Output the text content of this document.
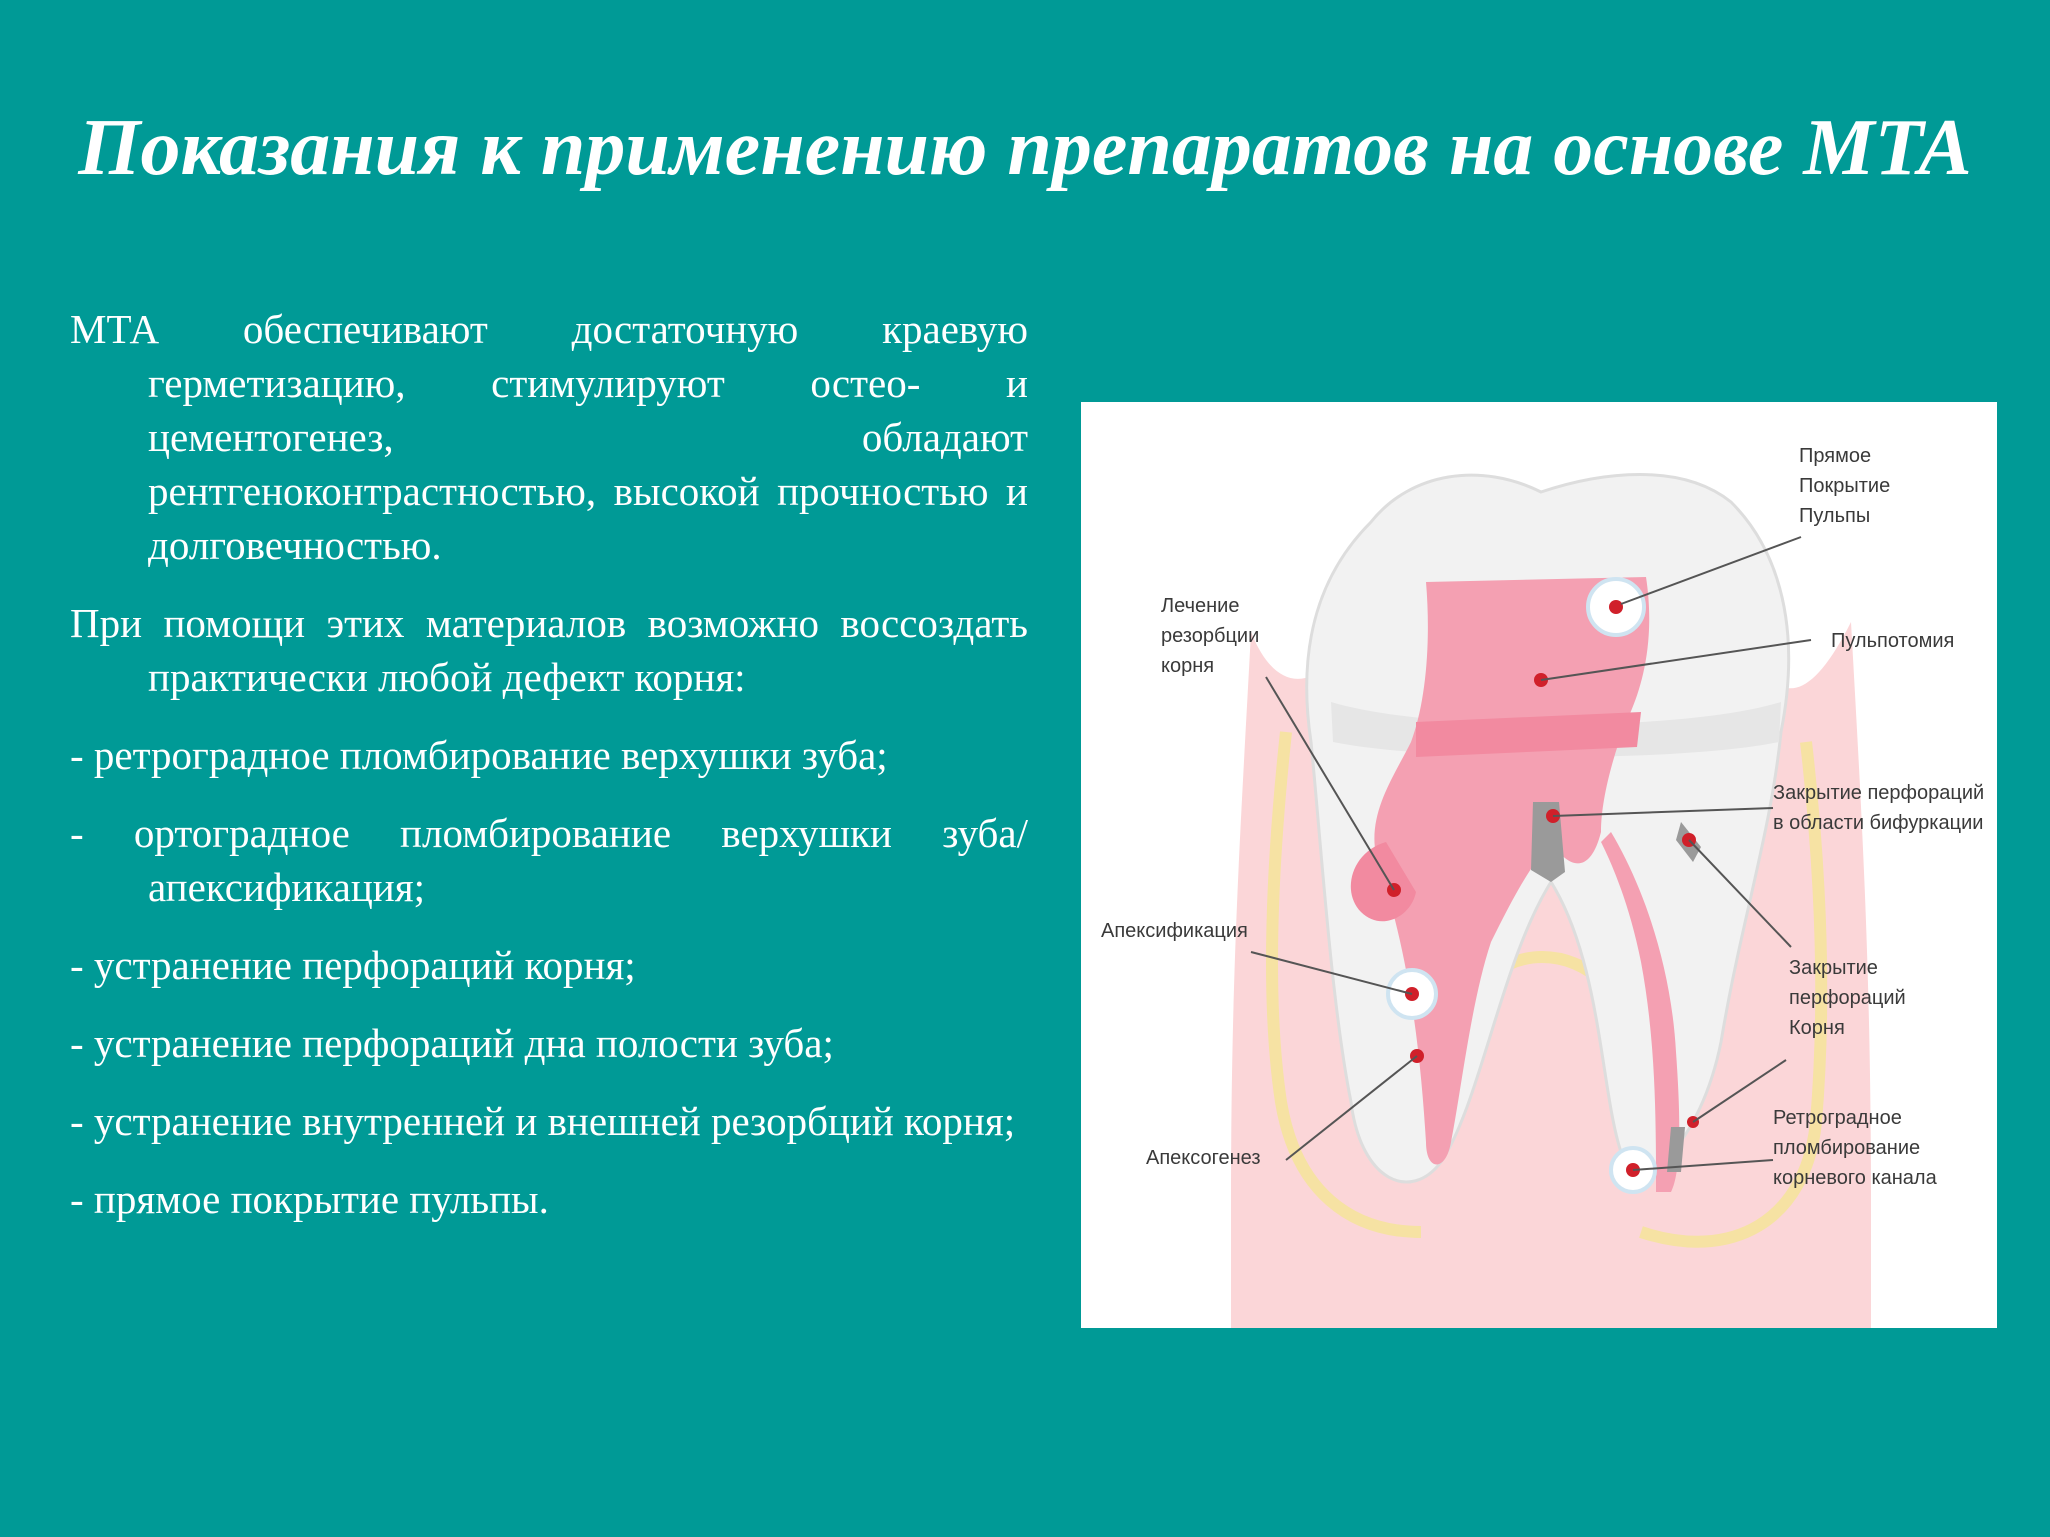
Показания к применению препаратов на основе МТА

МТА обеспечивают достаточную краевую герметизацию, стимулируют остео- и цементогенез, обладают рентгеноконтрастностью, высокой прочностью и долговечностью.

При помощи этих материалов возможно воссоздать практически любой дефект корня:

- ретроградное пломбирование верхушки зуба;

- ортоградное пломбирование верхушки зуба/ апексификация;

- устранение перфораций корня;

- устранение перфораций дна полости зуба;

- устранение внутренней и внешней резорбций корня;

- прямое покрытие пульпы.

Прямое Покрытие Пульпы
Пульпотомия
Лечение резорбции корня
Закрытие перфораций в области бифуркации
Апексификация
Закрытие перфораций Корня
Апексогенез
Ретроградное пломбирование корневого канала
